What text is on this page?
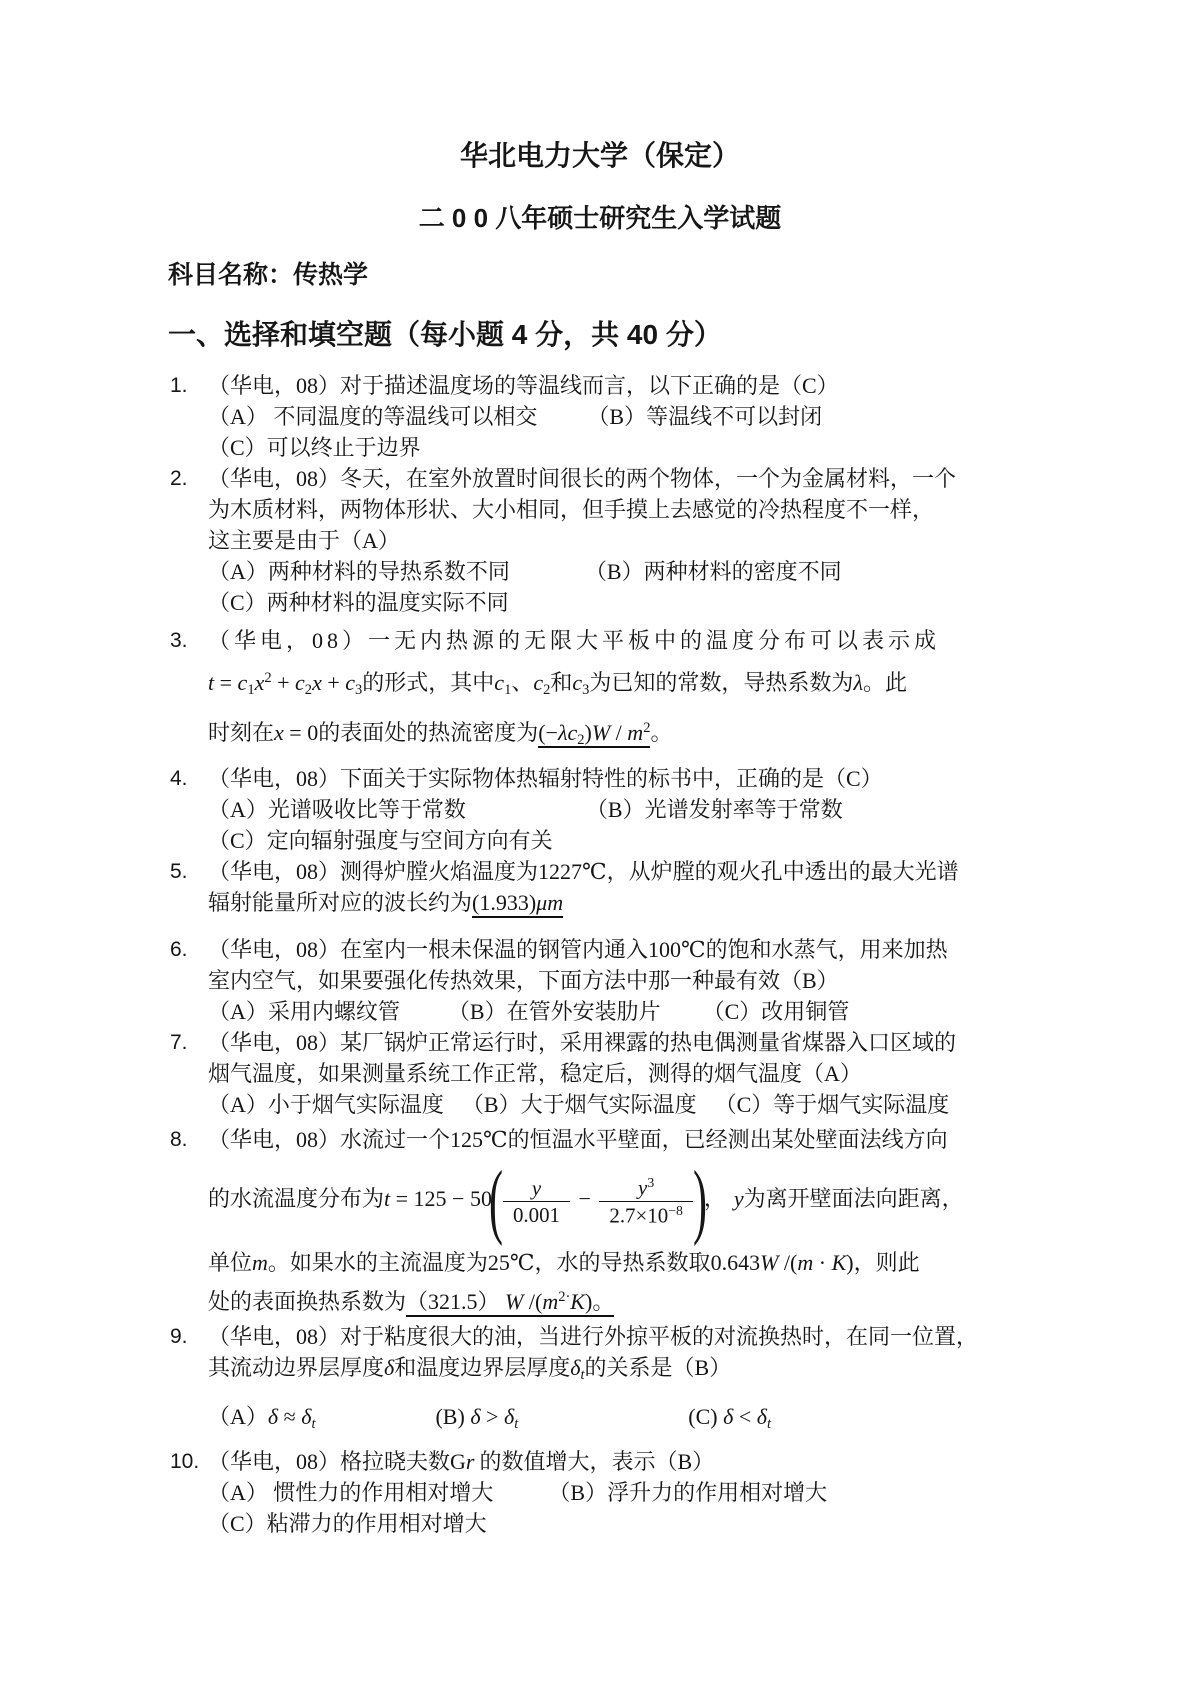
华北电力大学（保定）
二 0 0 八年硕士研究生入学试题
科目名称：传热学
一、选择和填空题（每小题 4 分，共 40 分）
1. （华电，08）对于描述温度场的等温线而言，以下正确的是（C）
（A） 不同温度的等温线可以相交 （B）等温线不可以封闭
（C）可以终止于边界
2. （华电，08）冬天，在室外放置时间很长的两个物体，一个为金属材料，一个
为木质材料，两物体形状、大小相同，但手摸上去感觉的冷热程度不一样，
这主要是由于（A）
（A）两种材料的导热系数不同	（B）两种材料的密度不同
（C）两种材料的温度实际不同
3. （华电，08）一无内热源的无限大平板中的温度分布可以表示成
$t = c1x^2 + c2x + c3$的形式，其中c1、c2和c3为已知的常数，导热系数为λ。此
时刻在x = 0的表面处的热流密度为$(-\lambda c2)W / m^2$。
4. （华电，08）下面关于实际物体热辐射特性的标书中，正确的是（C）
（A）光谱吸收比等于常数	（B）光谱发射率等于常数
（C）定向辐射强度与空间方向有关
5. （华电，08）测得炉膛火焰温度为1227℃，从炉膛的观火孔中透出的最大光谱
辐射能量所对应的波长约为(1.933)μm
6. （华电，08）在室内一根未保温的钢管内通入100℃的饱和水蒸气，用来加热
室内空气，如果要强化传热效果，下面方法中那一种最有效（B）
（A）采用内螺纹管 （B）在管外安装肋片 （C）改用铜管
7. （华电，08）某厂锅炉正常运行时，采用裸露的热电偶测量省煤器入口区域的
烟气温度，如果测量系统工作正常，稳定后，测得的烟气温度（A）
（A）小于烟气实际温度 （B）大于烟气实际温度 （C）等于烟气实际温度
8. （华电，08）水流过一个125℃的恒温水平壁面，已经测出某处壁面法线方向
的水流温度分布为$t = 125 - 50( \frac{y}{0.001} - \frac{y^3}{2.7\times 10^{-8}}$ )， y为离开壁面法向距离，
单位m。如果水的主流温度为25℃，水的导热系数取0.643W /(m · K)，则此
处的表面换热系数为（321.5） W $/(m^{2\cdot}K)$。
9. （华电，08）对于粘度很大的油，当进行外掠平板的对流换热时，在同一位置，
其流动边界层厚度δ和温度边界层厚度δt的关系是（B）
（A）δ ≈ δt	(B) δ > δt	(C) δ < δt
10. （华电，08）格拉晓夫数Gr 的数值增大，表示（B）
（A） 惯性力的作用相对增大	（B）浮升力的作用相对增大
（C）粘滞力的作用相对增大
